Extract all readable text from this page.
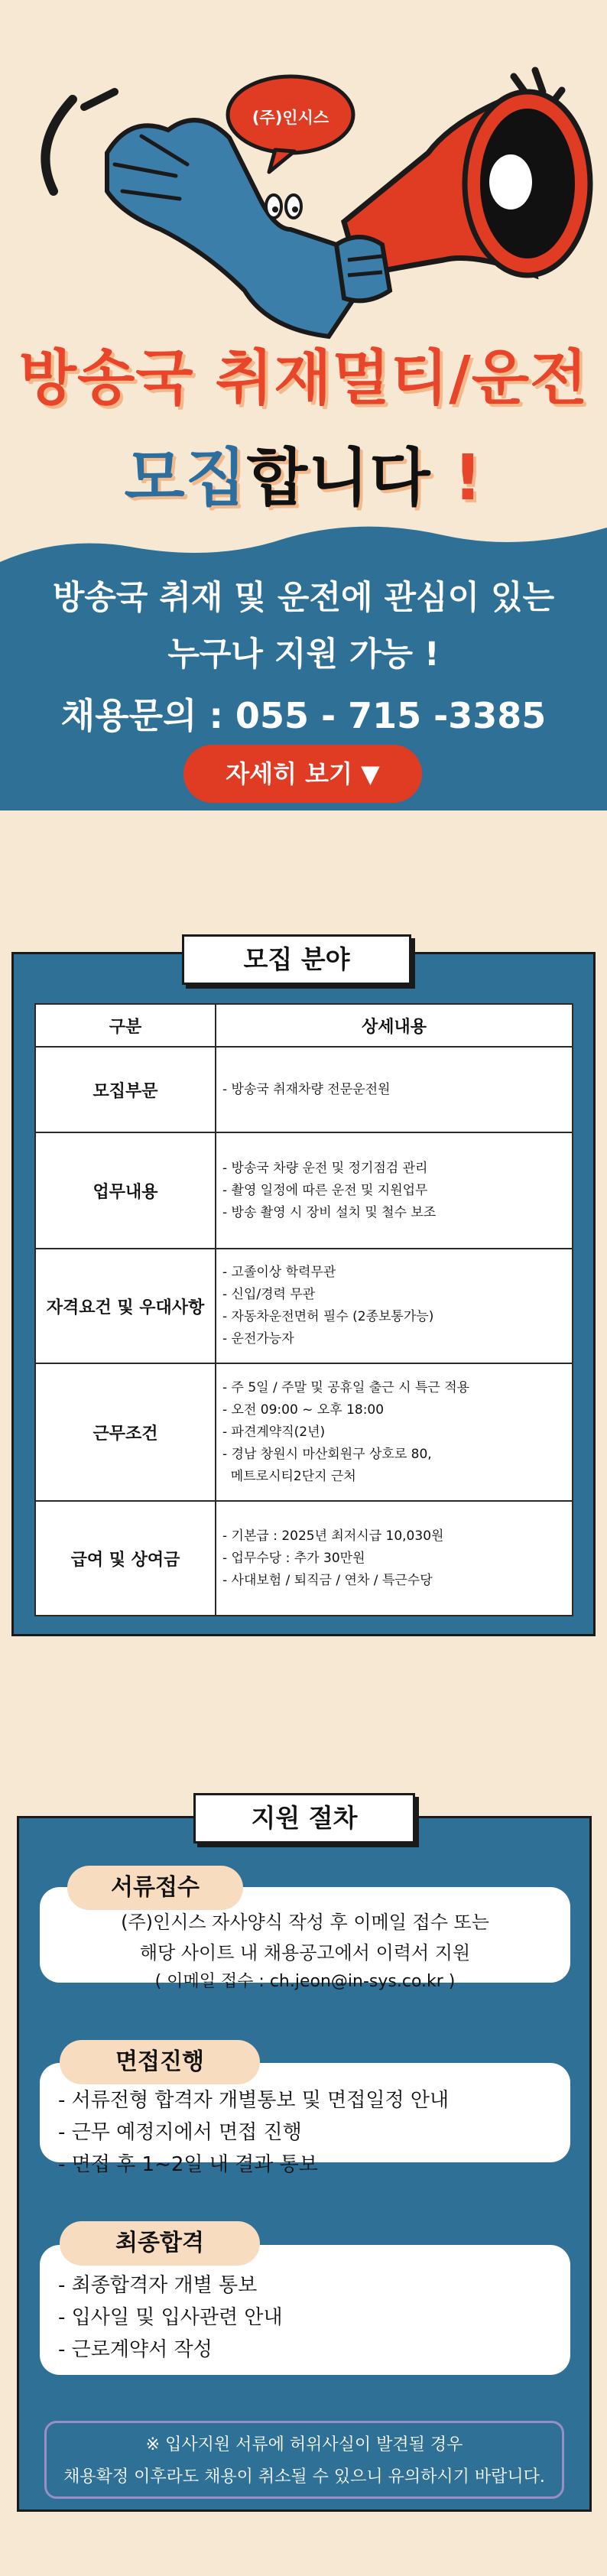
(주)인시스
방송국 취재멀티/운전
모집합니다 !
방송국 취재 및 운전에 관심이 있는
누구나 지원 가능 !
채용문의 : 055 - 715 -3385
자세히 보기 ▼
모집 분야
구분	상세내용
모집부문	- 방송국 취재차량 전문운전원

업무내용	- 방송국 차량 운전 및 정기점검 관리
- 촬영 일정에 따른 운전 및 지원업무
- 방송 촬영 시 장비 설치 및 철수 보조

자격요건 및 우대사항	- 고졸이상 학력무관
- 신입/경력 무관
- 자동차운전면허 필수 (2종보통가능)
- 운전가능자

근무조건	- 주 5일 / 주말 및 공휴일 출근 시 특근 적용
- 오전 09:00 ~ 오후 18:00
- 파견계약직(2년)
- 경남 창원시 마산회원구 상호로 80,
메트로시티2단지 근처

급여 및 상여금	- 기본급 : 2025년 최저시급 10,030원
- 업무수당 : 추가 30만원
- 사대보험 / 퇴직금 / 연차 / 특근수당
지원 절차
(주)인시스 자사양식 작성 후 이메일 접수 또는
해당 사이트 내 채용공고에서 이력서 지원
( 이메일 접수 : ch.jeon@in-sys.co.kr )
서류접수
- 서류전형 합격자 개별통보 및 면접일정 안내
- 근무 예정지에서 면접 진행
- 면접 후 1~2일 내 결과 통보
면접진행
- 최종합격자 개별 통보
- 입사일 및 입사관련 안내
- 근로계약서 작성
최종합격
※ 입사지원 서류에 허위사실이 발견될 경우
채용확정 이후라도 채용이 취소될 수 있으니 유의하시기 바랍니다.
